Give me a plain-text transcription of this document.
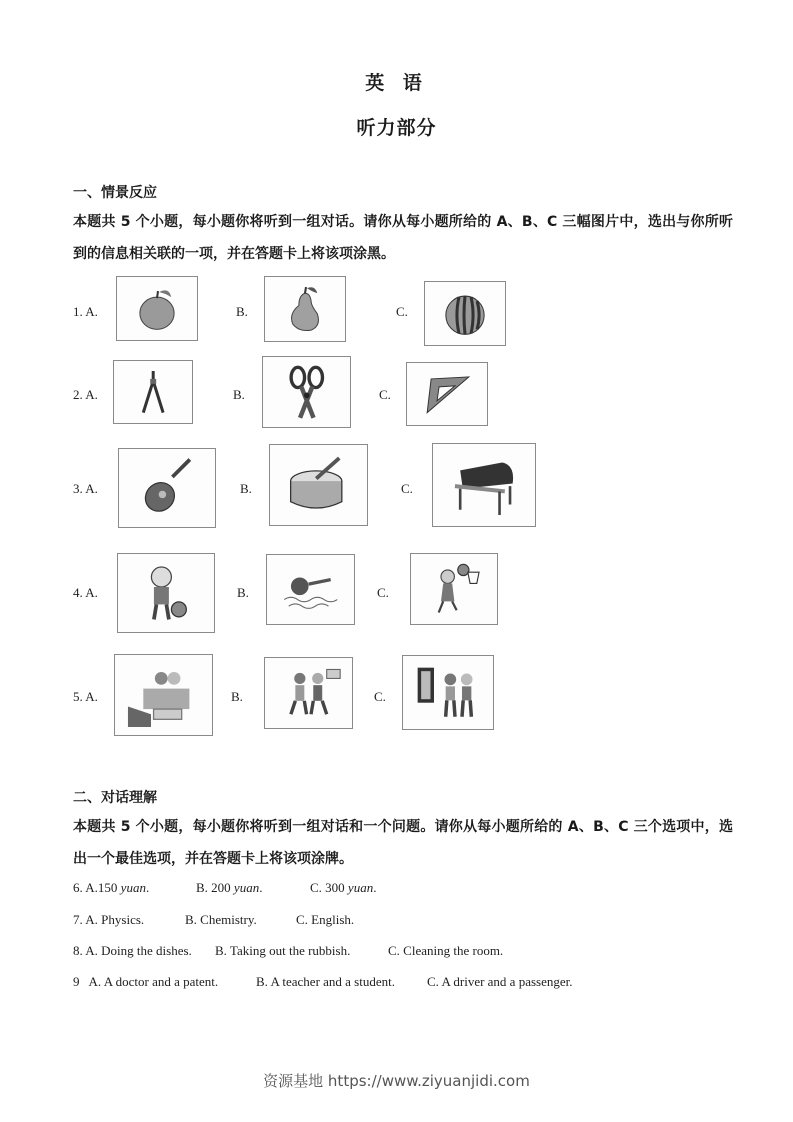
英 语
听力部分
一、情景反应
本题共 5 个小题，每小题你将听到一组对话。请你从每小题所给的 A、B、C 三幅图片中，选出与你所听到的信息相关联的一项，并在答题卡上将该项涂黑。
1. A.	B.	C.
2. A.	B.	C.
3. A.	B.	C.
4. A.	B.	C.
5. A.	B.	C.
二、对话理解
本题共 5 个小题，每小题你将听到一组对话和一个问题。请你从每小题所给的 A、B、C 三个选项中，选出一个最佳选项，并在答题卡上将该项涂牌。
6. A.150 yuan.	B. 200 yuan.	C. 300 yuan.
7. A. Physics.	B. Chemistry.	C. English.
8. A. Doing the dishes. B. Taking out the rubbish.	C. Cleaning the room.
9   A. A doctor and a patent.	B. A teacher and a student. C. A driver and a passenger.
资源基地 https://www.ziyuanjidi.com
